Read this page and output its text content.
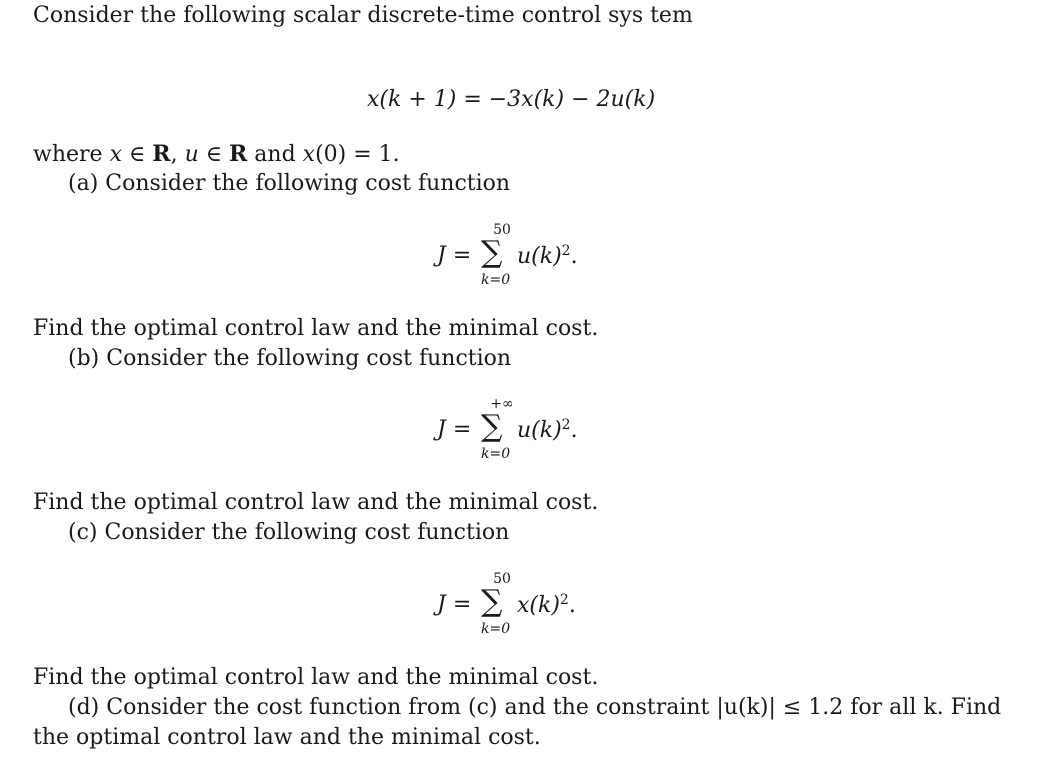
Consider the following scalar discrete-time control sys tem
x(k + 1) = −3x(k) − 2u(k)
where x ∈ R, u ∈ R and x(0) = 1.
(a) Consider the following cost function
J =
50
∑
k=0
$u(k)^2$.
Find the optimal control law and the minimal cost.
(b) Consider the following cost function
J =
+∞
∑
k=0
$u(k)^2$.
Find the optimal control law and the minimal cost.
(c) Consider the following cost function
J =
50
∑
k=0
$x(k)^2$.
Find the optimal control law and the minimal cost.
(d) Consider the cost function from (c) and the constraint |u(k)| ≤ 1.2 for all k. Find
the optimal control law and the minimal cost.
